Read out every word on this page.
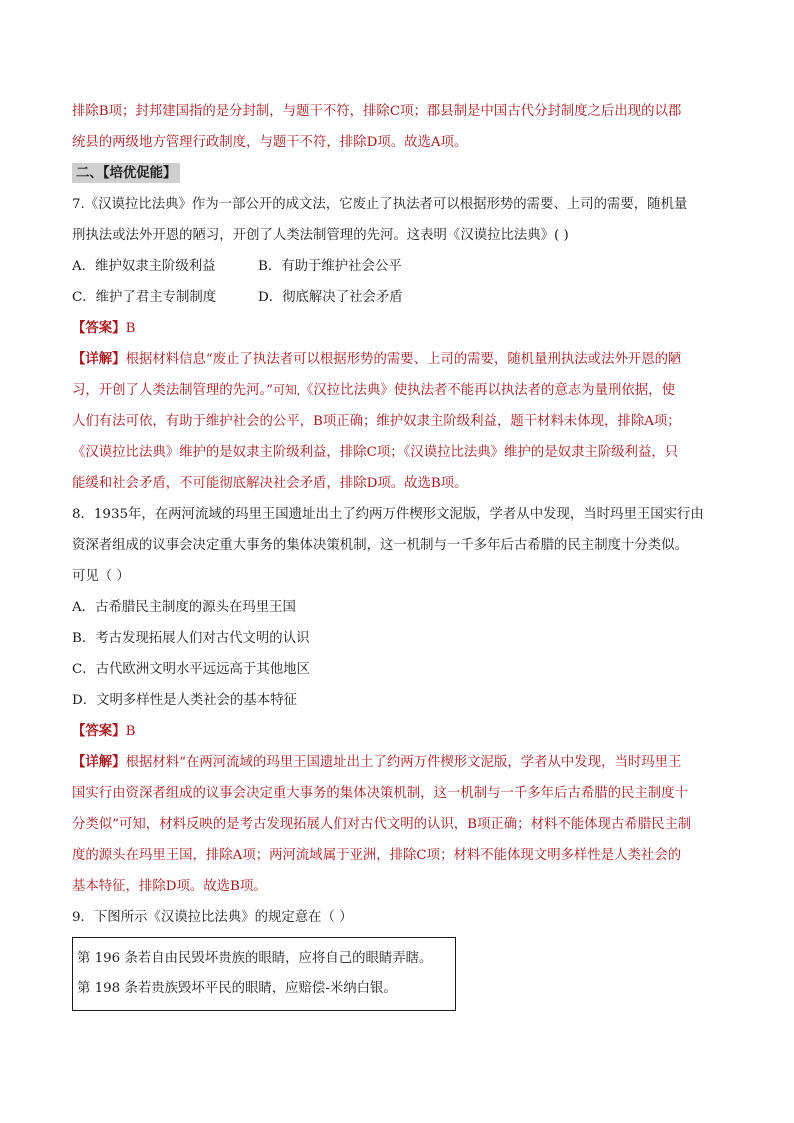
排除B项；封邦建国指的是分封制，与题干不符，排除C项；郡县制是中国古代分封制度之后出现的以郡
统县的两级地方管理行政制度，与题干不符，排除D项。故选A项。
二、【培优促能】
7.《汉谟拉比法典》作为一部公开的成文法，它废止了执法者可以根据形势的需要、上司的需要，随机量
刑执法或法外开恩的陋习，开创了人类法制管理的先河。这表明《汉谟拉比法典》( )
A．维护奴隶主阶级利益	B．有助于维护社会公平
C．维护了君主专制制度	D．彻底解决了社会矛盾
【答案】B
【详解】根据材料信息“废止了执法者可以根据形势的需要、上司的需要，随机量刑执法或法外开恩的陋
习，开创了人类法制管理的先河。”可知,《汉拉比法典》使执法者不能再以执法者的意志为量刑依据，使
人们有法可依，有助于维护社会的公平，B项正确；维护奴隶主阶级利益，题干材料未体现，排除A项；
《汉谟拉比法典》维护的是奴隶主阶级利益，排除C项；《汉谟拉比法典》维护的是奴隶主阶级利益，只
能缓和社会矛盾，不可能彻底解决社会矛盾，排除D项。故选B项。
8．1935年，在两河流域的玛里王国遗址出土了约两万件楔形文泥版，学者从中发现，当时玛里王国实行由
资深者组成的议事会决定重大事务的集体决策机制，这一机制与一千多年后古希腊的民主制度十分类似。
可见（ ）
A．古希腊民主制度的源头在玛里王国
B．考古发现拓展人们对古代文明的认识
C．古代欧洲文明水平远远高于其他地区
D．文明多样性是人类社会的基本特征
【答案】B
【详解】根据材料“在两河流域的玛里王国遗址出土了约两万件楔形文泥版，学者从中发现，当时玛里王
国实行由资深者组成的议事会决定重大事务的集体决策机制，这一机制与一千多年后古希腊的民主制度十
分类似”可知，材料反映的是考古发现拓展人们对古代文明的认识，B项正确；材料不能体现古希腊民主制
度的源头在玛里王国，排除A项；两河流域属于亚洲，排除C项；材料不能体现文明多样性是人类社会的
基本特征，排除D项。故选B项。
9．下图所示《汉谟拉比法典》的规定意在（ ）
第 196 条若自由民毁坏贵族的眼睛，应将自己的眼睛弄瞎。
第 198 条若贵族毁坏平民的眼睛，应赔偿-米纳白银。
